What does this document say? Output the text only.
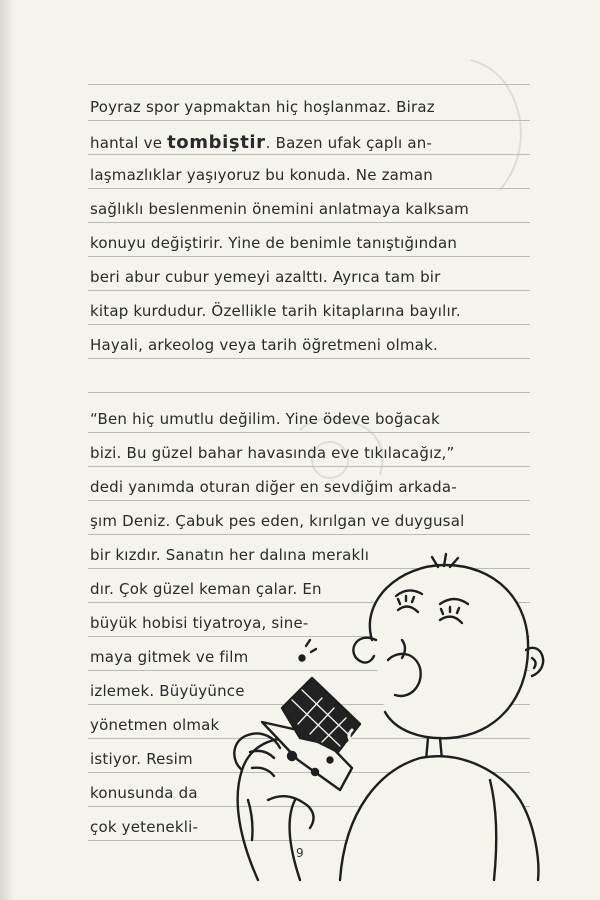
Poyraz spor yapmaktan hiç hoşlanmaz. Biraz
hantal ve tombiştir. Bazen ufak çaplı an-
laşmazlıklar yaşıyoruz bu konuda. Ne zaman
sağlıklı beslenmenin önemini anlatmaya kalksam
konuyu değiştirir. Yine de benimle tanıştığından
beri abur cubur yemeyi azalttı. Ayrıca tam bir
kitap kurdudur. Özellikle tarih kitaplarına bayılır.
Hayali, arkeolog veya tarih öğretmeni olmak.
“Ben hiç umutlu değilim. Yine ödeve boğacak
bizi. Bu güzel bahar havasında eve tıkılacağız,”
dedi yanımda oturan diğer en sevdiğim arkada-
şım Deniz. Çabuk pes eden, kırılgan ve duygusal
bir kızdır. Sanatın her dalına meraklı
dır. Çok güzel keman çalar. En
büyük hobisi tiyatroya, sine-
maya gitmek ve film
izlemek. Büyüyünce
yönetmen olmak
istiyor. Resim
konusunda da
çok yetenekli-
9
